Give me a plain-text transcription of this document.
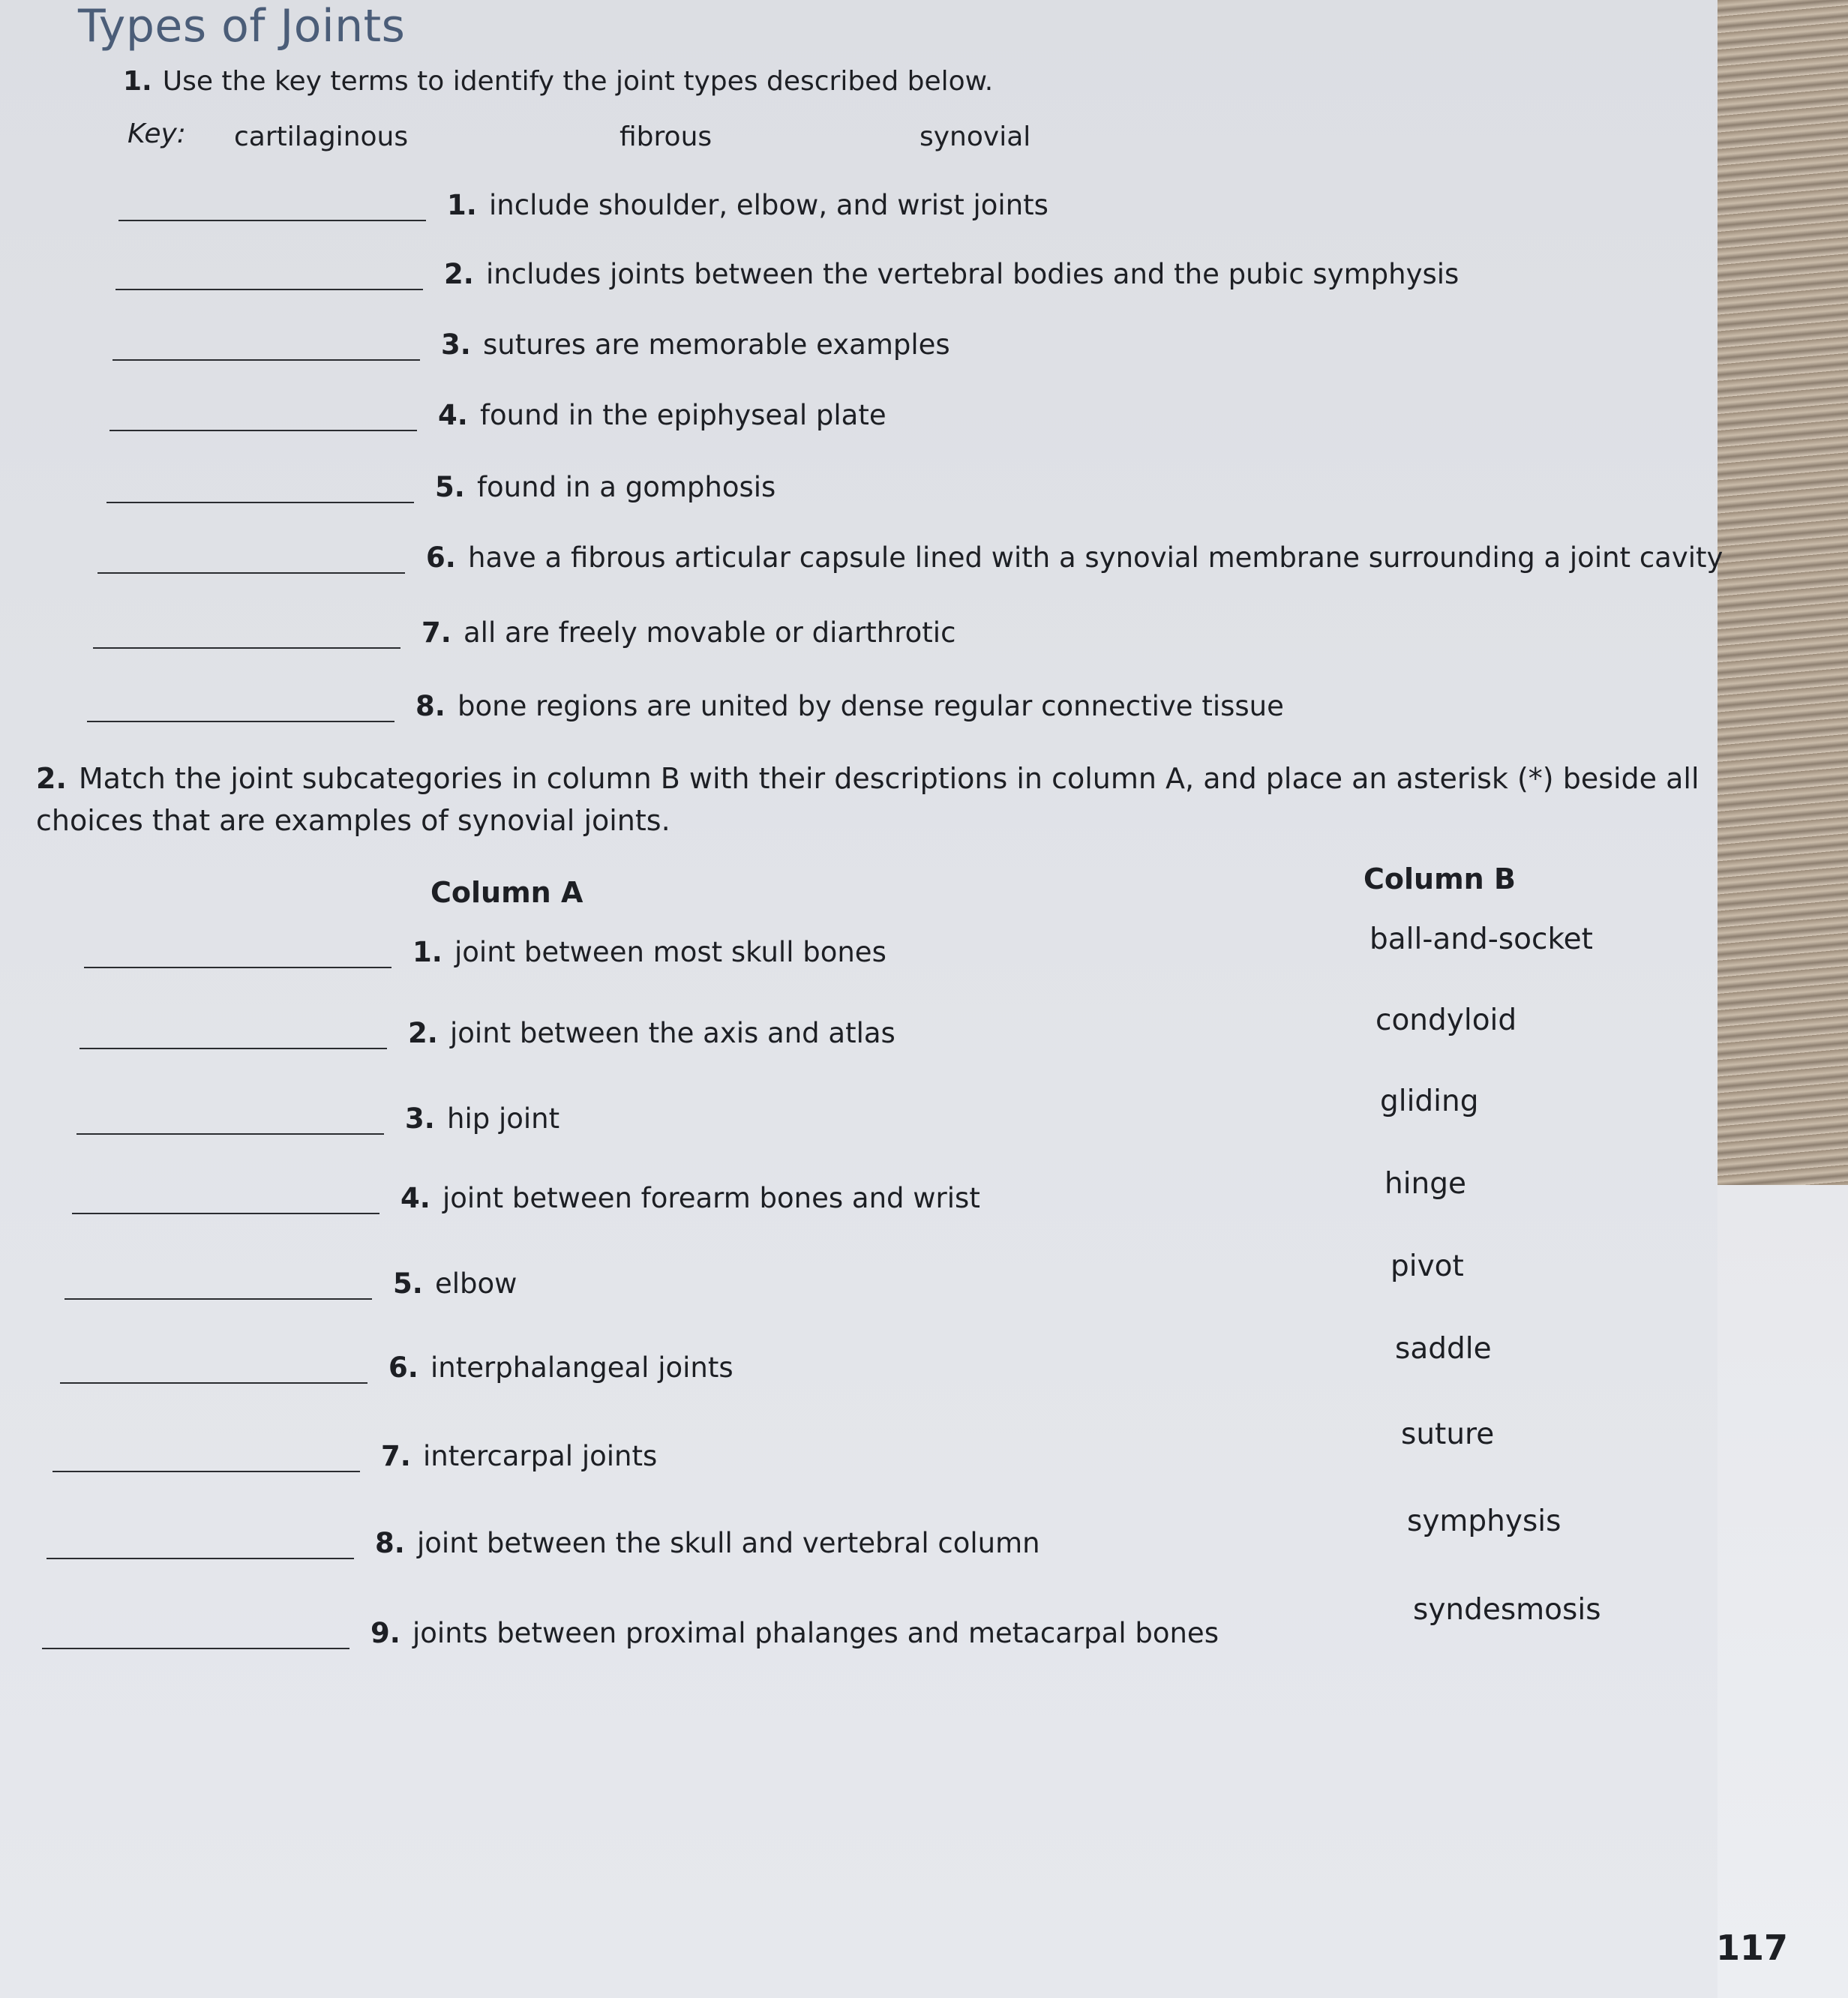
Types of Joints
1. Use the key terms to identify the joint types described below.
Key: cartilaginous	fibrous	synovial
1. include shoulder, elbow, and wrist joints
2. includes joints between the vertebral bodies and the pubic symphysis
3. sutures are memorable examples
4. found in the epiphyseal plate
5. found in a gomphosis
6. have a fibrous articular capsule lined with a synovial membrane surrounding a joint cavity
7. all are freely movable or diarthrotic
8. bone regions are united by dense regular connective tissue
2. Match the joint subcategories in column B with their descriptions in column A, and place an asterisk (*) beside all choices that are examples of synovial joints.
Column A	Column B
1. joint between most skull bones
2. joint between the axis and atlas
3. hip joint
4. joint between forearm bones and wrist
5. elbow
6. interphalangeal joints
7. intercarpal joints
8. joint between the skull and vertebral column
9. joints between proximal phalanges and metacarpal bones
ball-and-socket
condyloid
gliding
hinge
pivot
saddle
suture
symphysis
syndesmosis
117
